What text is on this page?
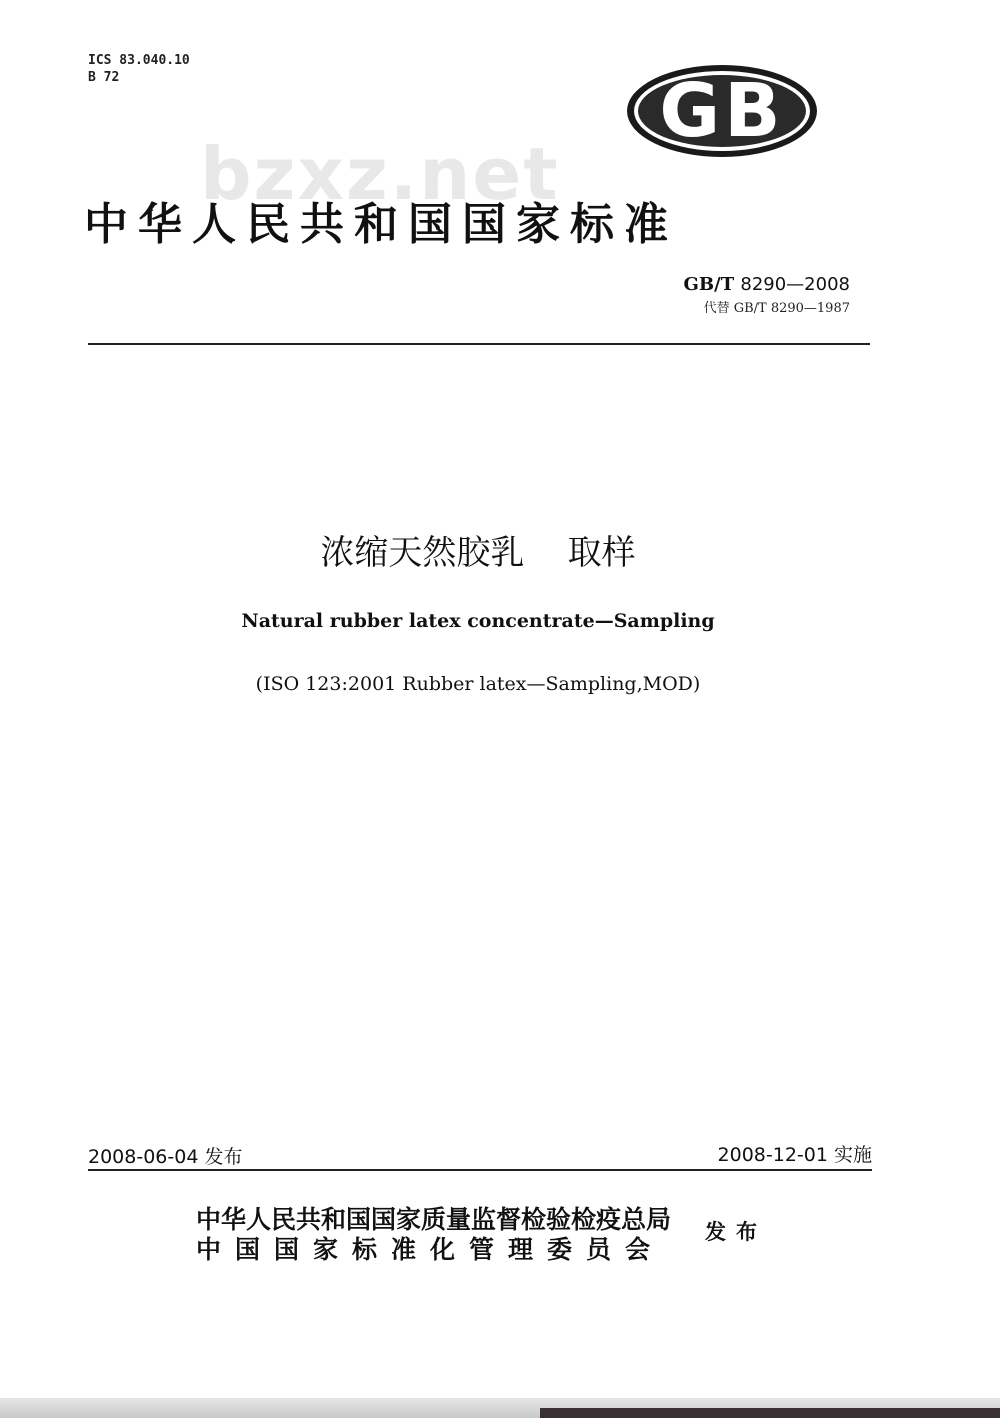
ICS 83.040.10
B 72	GB
bzxz.net
中华人民共和国国家标准
GB/T 8290—2008
代替 GB/T 8290—1987
浓缩天然胶乳    取样
Natural rubber latex concentrate—Sampling
(ISO 123:2001 Rubber latex—Sampling,MOD)
2008-06-04 发布	2008-12-01 实施
中华人民共和国国家质量监督检验检疫总局
中国国家标准化管理委员会
发布
